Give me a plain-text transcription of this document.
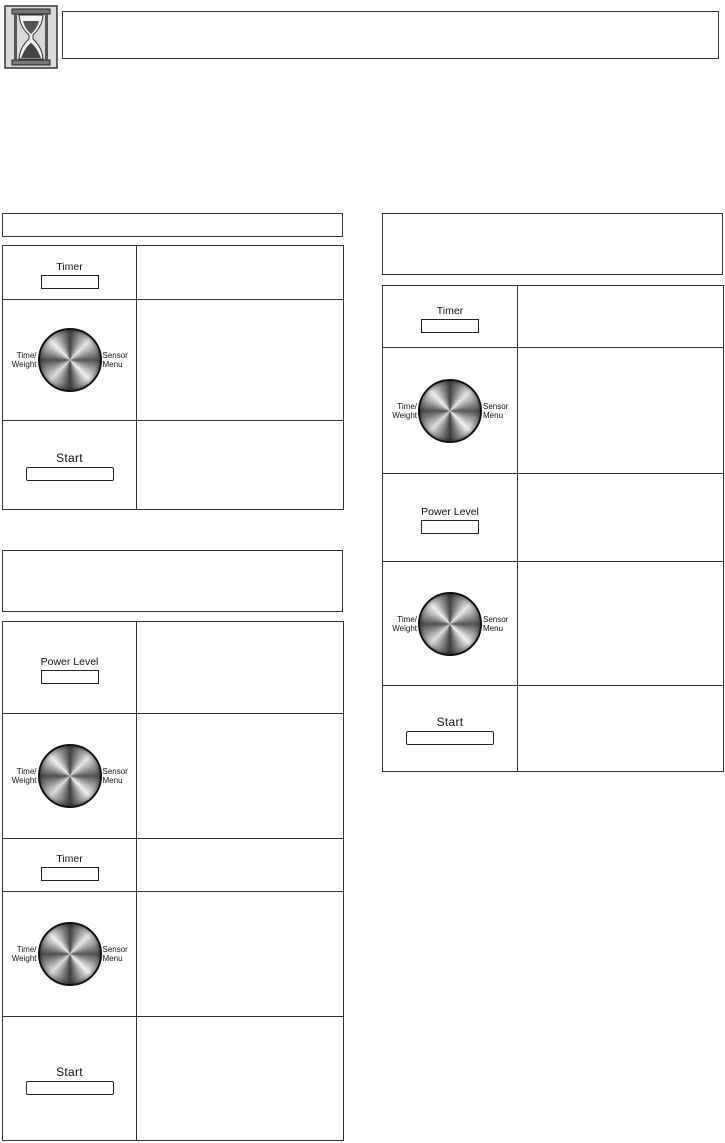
Timer	

Time/
Weight
Sensor
Menu	

Start	

Power Level	

Time/
Weight
Sensor
Menu	

Timer	

Time/
Weight
Sensor
Menu	

Start	

Timer	

Time/
Weight
Sensor
Menu	

Power Level	

Time/
Weight
Sensor
Menu	

Start	
